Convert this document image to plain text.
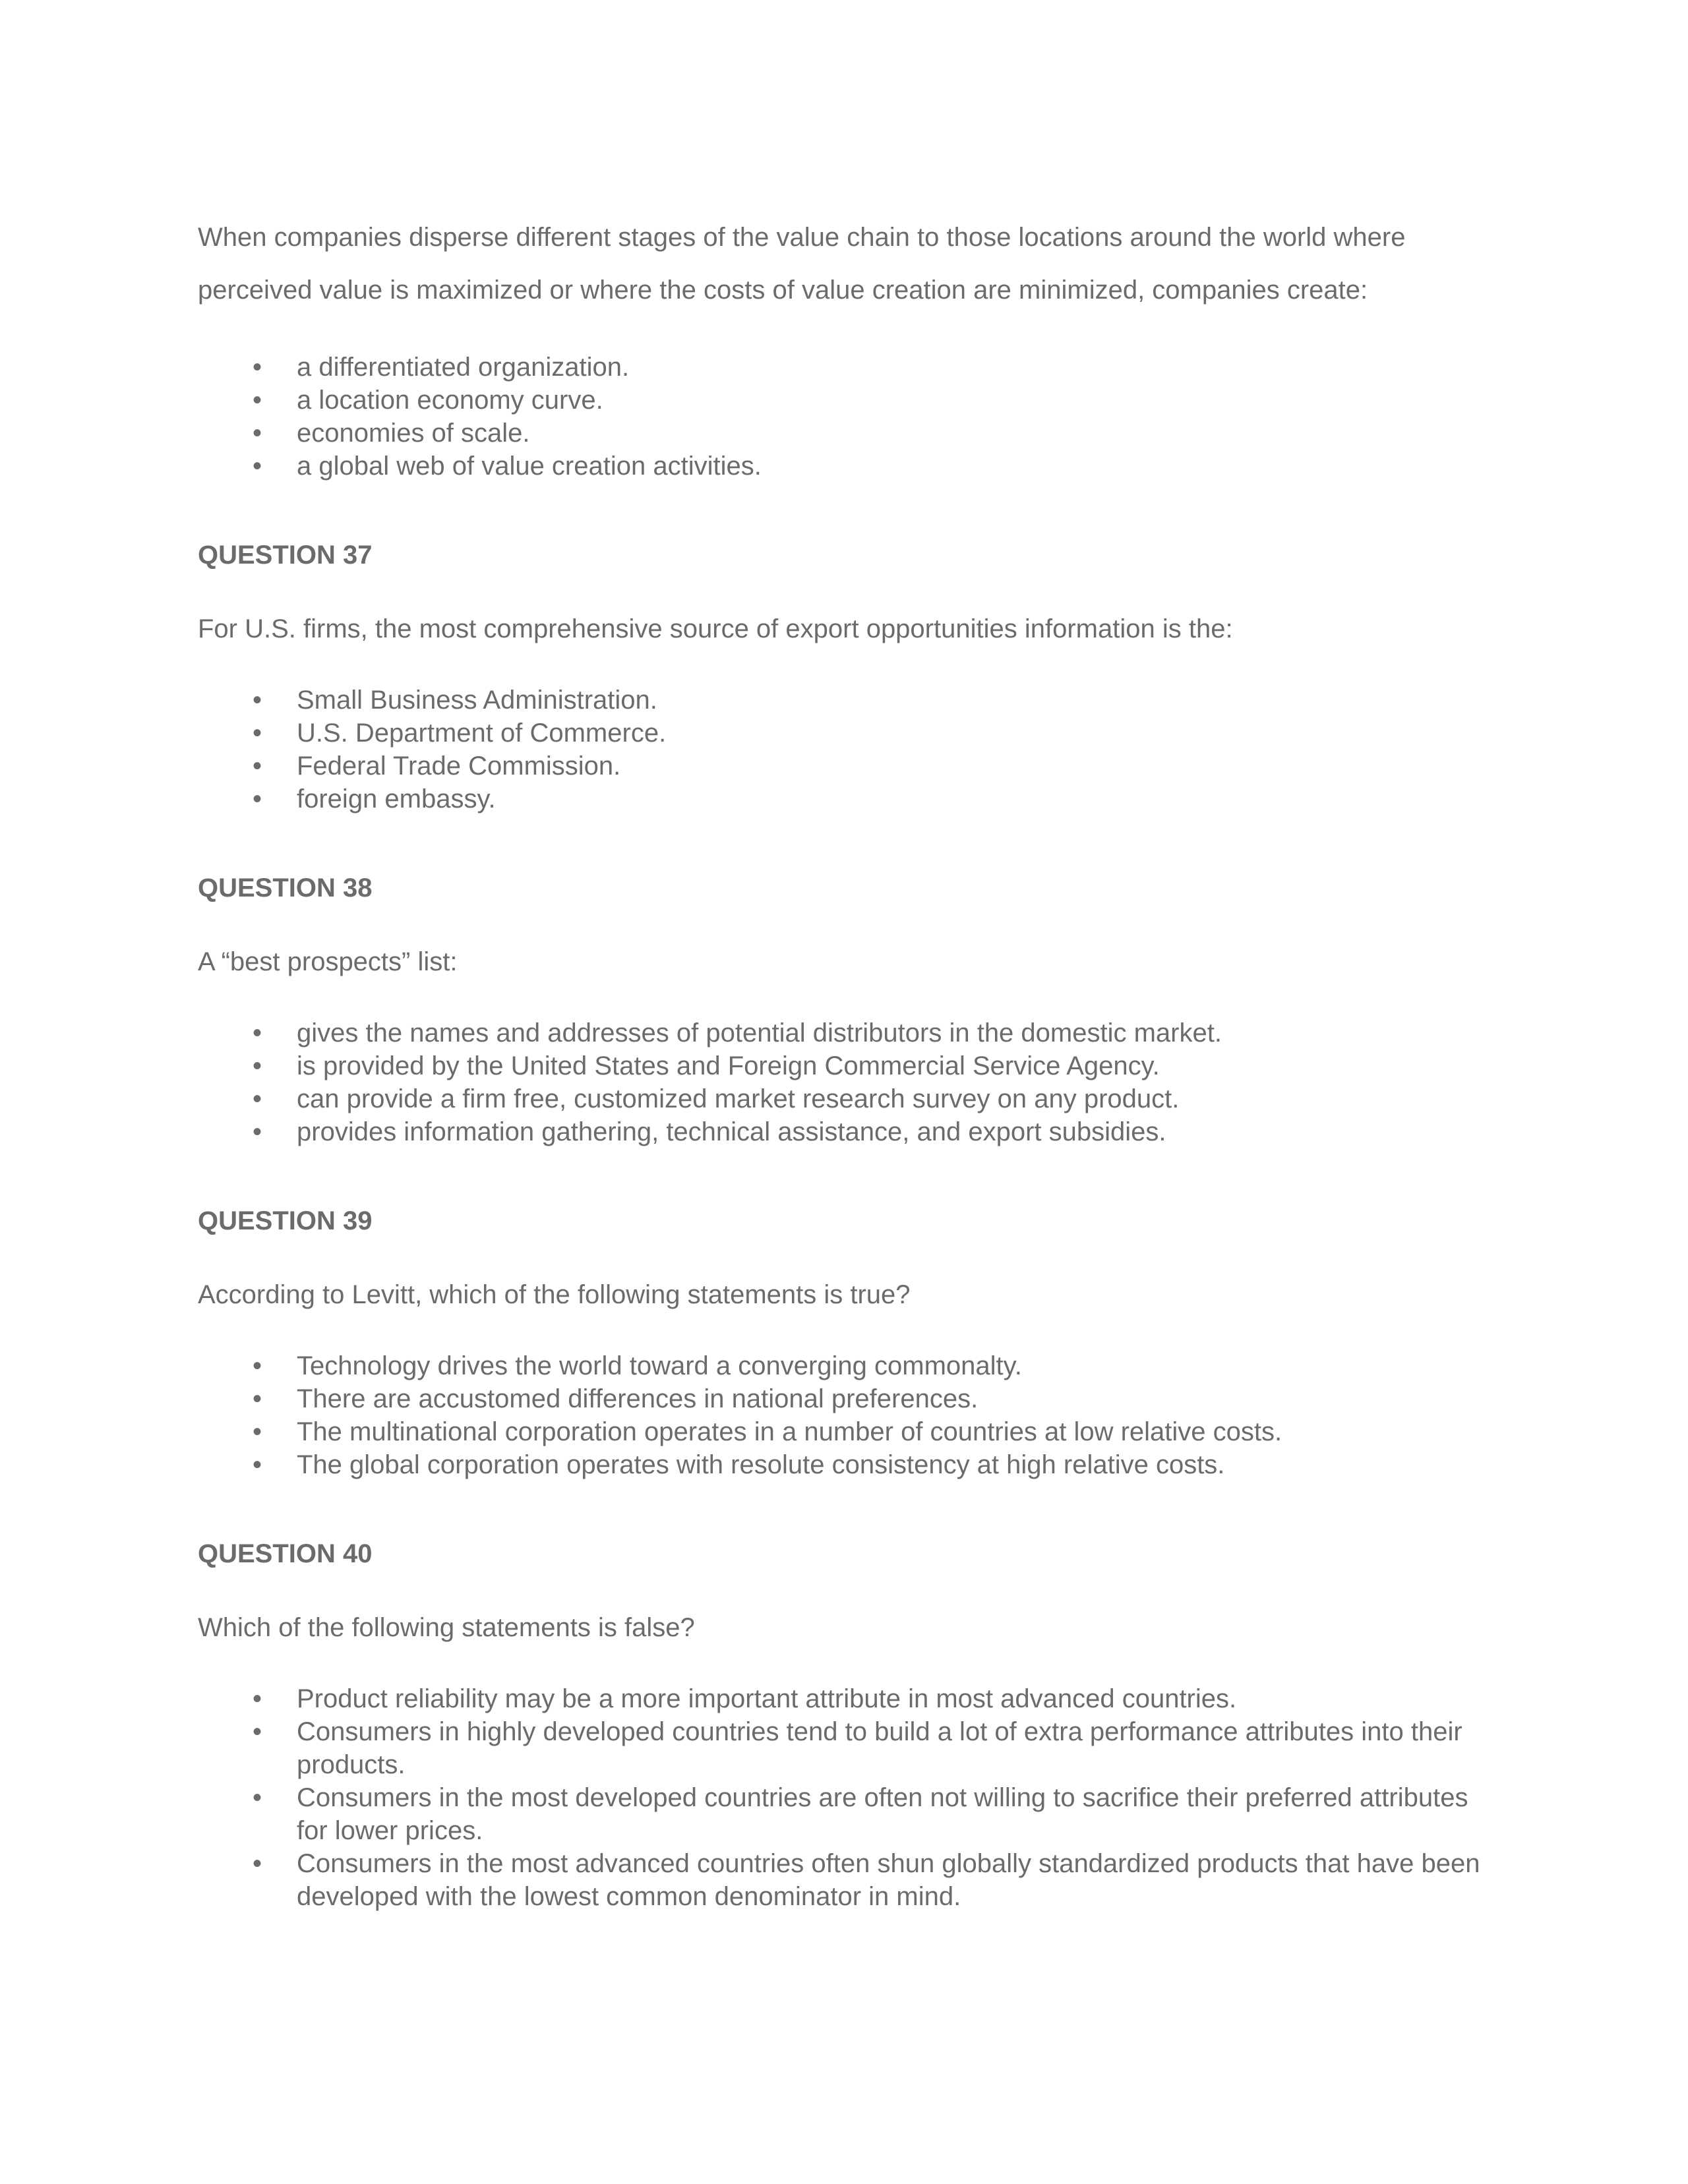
When companies disperse different stages of the value chain to those locations around the world where perceived value is maximized or where the costs of value creation are minimized, companies create:

•	a differentiated organization.
•	a location economy curve.
•	economies of scale.
•	a global web of value creation activities.
QUESTION 37

For U.S. firms, the most comprehensive source of export opportunities information is the:

•	Small Business Administration.
•	U.S. Department of Commerce.
•	Federal Trade Commission.
•	foreign embassy.
QUESTION 38

A “best prospects” list:

•	gives the names and addresses of potential distributors in the domestic market.
•	is provided by the United States and Foreign Commercial Service Agency.
•	can provide a firm free, customized market research survey on any product.
•	provides information gathering, technical assistance, and export subsidies.
QUESTION 39

According to Levitt, which of the following statements is true?

•	Technology drives the world toward a converging commonalty.
•	There are accustomed differences in national preferences.
•	The multinational corporation operates in a number of countries at low relative costs.
•	The global corporation operates with resolute consistency at high relative costs.
QUESTION 40

Which of the following statements is false?

•	Product reliability may be a more important attribute in most advanced countries.
•	Consumers in highly developed countries tend to build a lot of extra performance attributes into their products.
•	Consumers in the most developed countries are often not willing to sacrifice their preferred attributes for lower prices.
•	Consumers in the most advanced countries often shun globally standardized products that have been developed with the lowest common denominator in mind.
